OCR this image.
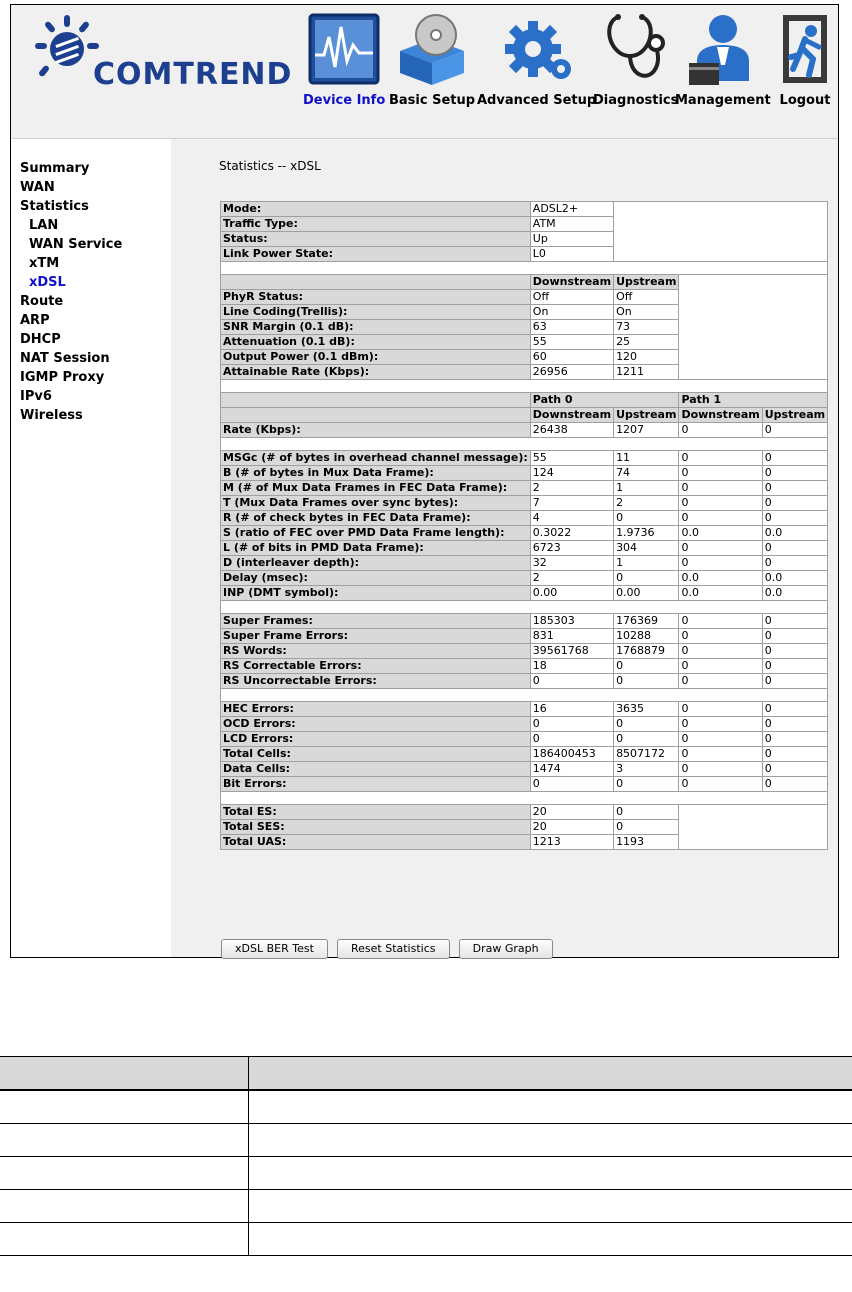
COMTREND
Device Info Basic Setup Advanced Setup
Diagnostics
Management Logout
Summary
WAN
Statistics
LAN
WAN Service
xTM
xDSL
Route
ARP
DHCP
NAT Session
IGMP Proxy
IPv6
Wireless
Statistics -- xDSL
Mode:	ADSL2+			
Traffic Type:	ATM			
Status:	Up			
Link Power State:	L0			

	Downstream	Upstream		
PhyR Status:	Off	Off		
Line Coding(Trellis):	On	On		
SNR Margin (0.1 dB):	63	73		
Attenuation (0.1 dB):	55	25		
Output Power (0.1 dBm):	60	120		
Attainable Rate (Kbps):	26956	1211		

	Path 0		Path 1	
	Downstream	Upstream	Downstream	Upstream
Rate (Kbps):	26438	1207	0	0

MSGc (# of bytes in overhead channel message):	55	11	0	0
B (# of bytes in Mux Data Frame):	124	74	0	0
M (# of Mux Data Frames in FEC Data Frame):	2	1	0	0
T (Mux Data Frames over sync bytes):	7	2	0	0
R (# of check bytes in FEC Data Frame):	4	0	0	0
S (ratio of FEC over PMD Data Frame length):	0.3022	1.9736	0.0	0.0
L (# of bits in PMD Data Frame):	6723	304	0	0
D (interleaver depth):	32	1	0	0
Delay (msec):	2	0	0.0	0.0
INP (DMT symbol):	0.00	0.00	0.0	0.0

Super Frames:	185303	176369	0	0
Super Frame Errors:	831	10288	0	0
RS Words:	39561768	1768879	0	0
RS Correctable Errors:	18	0	0	0
RS Uncorrectable Errors:	0	0	0	0

HEC Errors:	16	3635	0	0
OCD Errors:	0	0	0	0
LCD Errors:	0	0	0	0
Total Cells:	186400453	8507172	0	0
Data Cells:	1474	3	0	0
Bit Errors:	0	0	0	0

Total ES:	20	0		
Total SES:	20	0		
Total UAS:	1213	1193		
xDSL BER Test	Reset Statistics	Draw Graph
